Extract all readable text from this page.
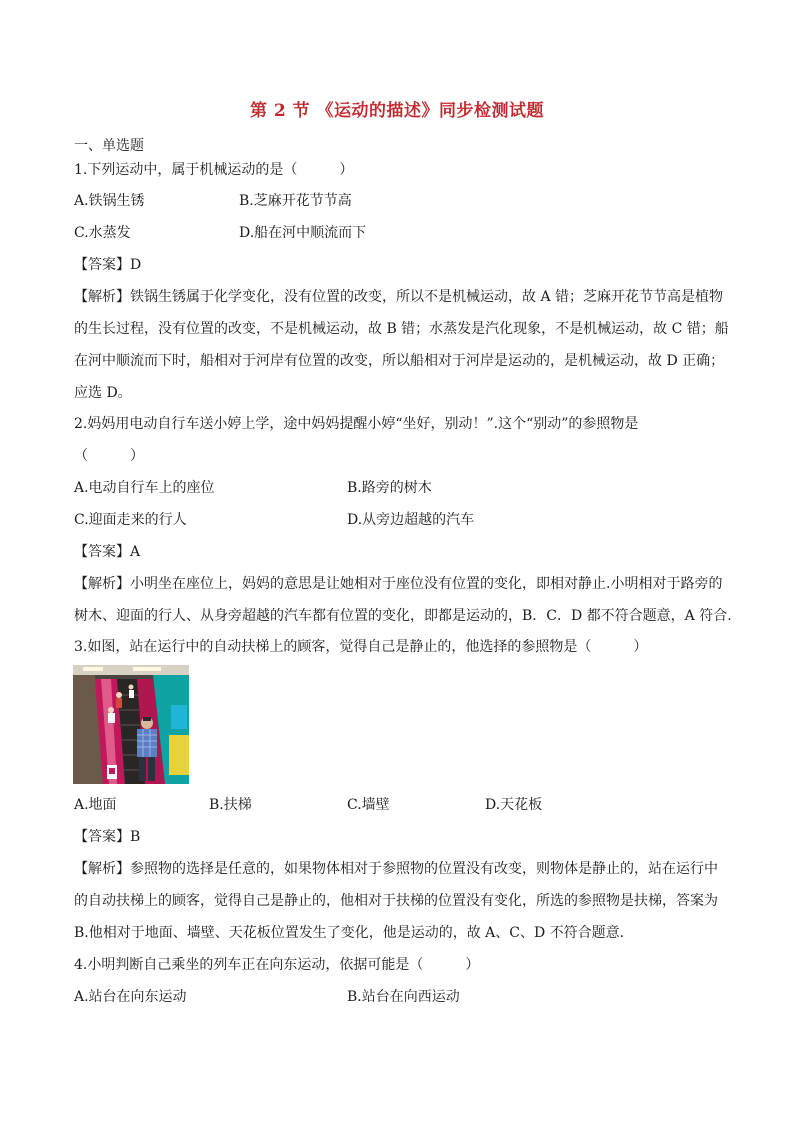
第 2 节 《运动的描述》同步检测试题
一、单选题
1.下列运动中，属于机械运动的是（　　　）
A.铁锅生锈	B.芝麻开花节节高
C.水蒸发	D.船在河中顺流而下
【答案】D
【解析】铁锅生锈属于化学变化，没有位置的改变，所以不是机械运动，故 A 错；芝麻开花节节高是植物
的生长过程，没有位置的改变，不是机械运动，故 B 错；水蒸发是汽化现象，不是机械运动，故 C 错；船
在河中顺流而下时，船相对于河岸有位置的改变，所以船相对于河岸是运动的，是机械运动，故 D 正确；
应选 D。
2.妈妈用电动自行车送小婷上学，途中妈妈提醒小婷“坐好，别动！”.这个“别动”的参照物是
（　　　）
A.电动自行车上的座位	B.路旁的树木
C.迎面走来的行人	D.从旁边超越的汽车
【答案】A
【解析】小明坐在座位上，妈妈的意思是让她相对于座位没有位置的变化，即相对静止.小明相对于路旁的
树木、迎面的行人、从身旁超越的汽车都有位置的变化，即都是运动的，B．C．D 都不符合题意，A 符合.
3.如图，站在运行中的自动扶梯上的顾客，觉得自己是静止的，他选择的参照物是（　　　）
A.地面	B.扶梯	C.墙壁	D.天花板
【答案】B
【解析】参照物的选择是任意的，如果物体相对于参照物的位置没有改变，则物体是静止的，站在运行中
的自动扶梯上的顾客，觉得自己是静止的，他相对于扶梯的位置没有变化，所选的参照物是扶梯，答案为
B.他相对于地面、墙壁、天花板位置发生了变化，他是运动的，故 A、C、D 不符合题意.
4.小明判断自己乘坐的列车正在向东运动，依据可能是（　　　）
A.站台在向东运动	B.站台在向西运动
